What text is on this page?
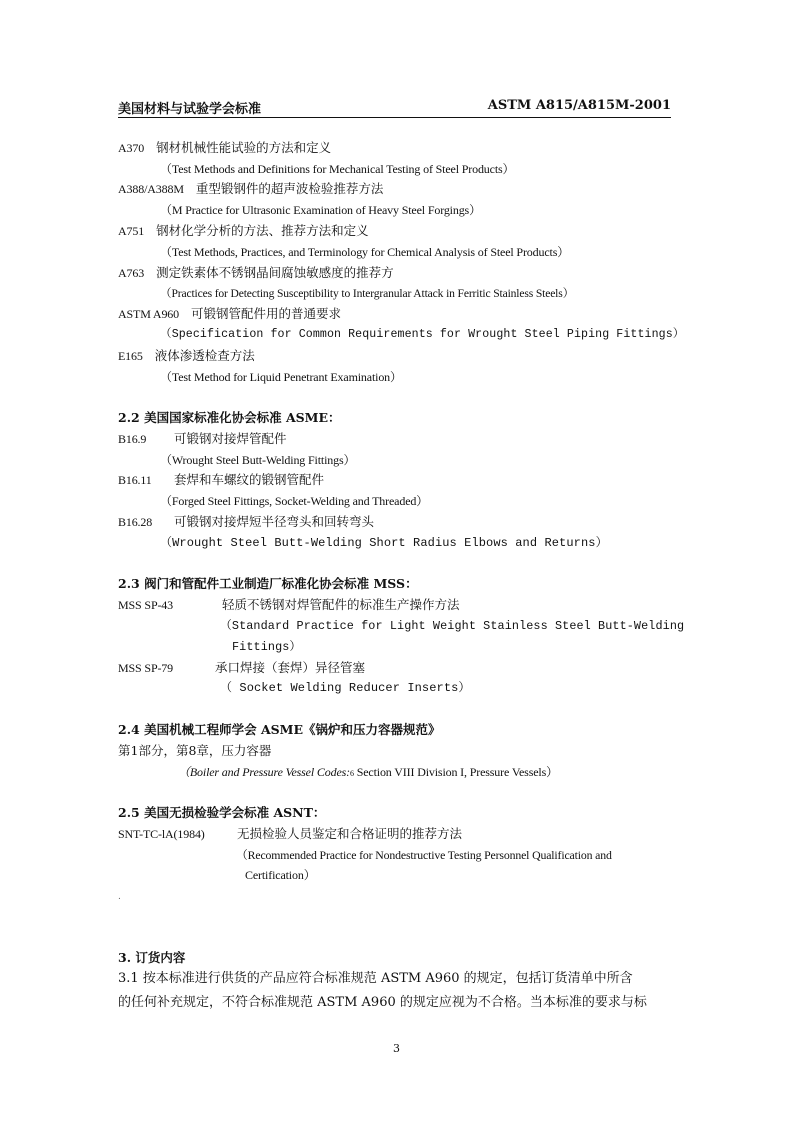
美国材料与试验学会标准	ASTM A815/A815M-2001
A370 钢材机械性能试验的方法和定义
（Test Methods and Definitions for Mechanical Testing of Steel Products）
A388/A388M 重型锻钢件的超声波检验推荐方法
（M Practice for Ultrasonic Examination of Heavy Steel Forgings）
A751 钢材化学分析的方法、推荐方法和定义
（Test Methods, Practices, and Terminology for Chemical Analysis of Steel Products）
A763 测定铁素体不锈钢晶间腐蚀敏感度的推荐方
（Practices for Detecting Susceptibility to Intergranular Attack in Ferritic Stainless Steels）
ASTM A960 可锻钢管配件用的普通要求
（Specification for Common Requirements for Wrought Steel Piping Fittings）
E165 液体渗透检查方法
（Test Method for Liquid Penetrant Examination）
2.2 美国国家标准化协会标准 ASME：
B16.9 可锻钢对接焊管配件
（Wrought Steel Butt-Welding Fittings）
B16.11 套焊和车螺纹的锻钢管配件
（Forged Steel Fittings, Socket-Welding and Threaded）
B16.28 可锻钢对接焊短半径弯头和回转弯头
（Wrought Steel Butt-Welding Short Radius Elbows and Returns）
2.3 阀门和管配件工业制造厂标准化协会标准 MSS：
MSS SP-43	轻质不锈钢对焊管配件的标准生产操作方法
（Standard Practice for Light Weight Stainless Steel Butt-Welding
Fittings）
MSS SP-79	承口焊接（套焊）异径管塞
（ Socket Welding Reducer Inserts）
2.4 美国机械工程师学会 ASME《锅炉和压力容器规范》
第1部分，第8章，压力容器
（Boiler and Pressure Vessel Codes:6 Section VIII Division I, Pressure Vessels）
2.5 美国无损检验学会标准 ASNT：
SNT-TC-lA(1984)	无损检验人员鉴定和合格证明的推荐方法
（Recommended Practice for Nondestructive Testing Personnel Qualification and
Certification）
.
3. 订货内容
3.1 按本标准进行供货的产品应符合标准规范 ASTM A960 的规定，包括订货清单中所含
的任何补充规定，不符合标准规范 ASTM A960 的规定应视为不合格。当本标准的要求与标
3
